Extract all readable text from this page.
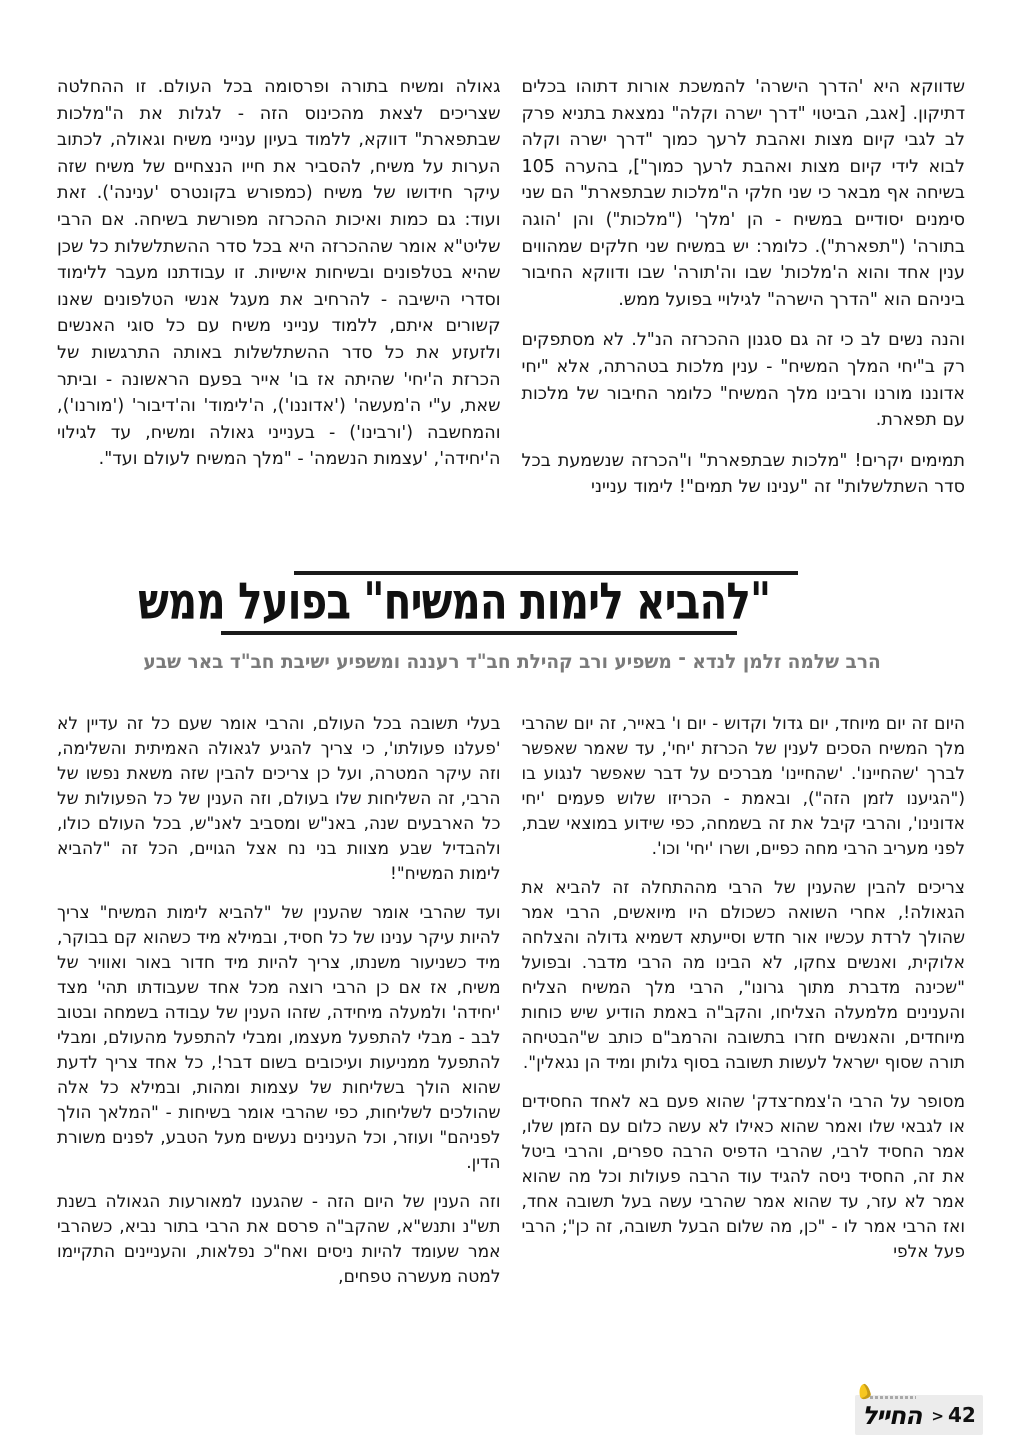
שדווקא היא 'הדרך הישרה' להמשכת אורות דתוהו בכלים דתיקון. [אגב, הביטוי "דרך ישרה וקלה" נמצאת בתניא פרק לב לגבי קיום מצות ואהבת לרעך כמוך "דרך ישרה וקלה לבוא לידי קיום מצות ואהבת לרעך כמוך"], בהערה 105 בשיחה אף מבאר כי שני חלקי ה"מלכות שבתפארת" הם שני סימנים יסודיים במשיח - הן 'מלך' ("מלכות") והן 'הוגה בתורה' ("תפארת"). כלומר: יש במשיח שני חלקים שמהווים ענין אחד והוא ה'מלכות' שבו וה'תורה' שבו ודווקא החיבור ביניהם הוא "הדרך הישרה" לגילויי בפועל ממש.

והנה נשים לב כי זה גם סגנון ההכרזה הנ"ל. לא מסתפקים רק ב"יחי המלך המשיח" - ענין מלכות בטהרתה, אלא "יחי אדוננו מורנו ורבינו מלך המשיח" כלומר החיבור של מלכות עם תפארת.

תמימים יקרים! "מלכות שבתפארת" ו"הכרזה שנשמעת בכל סדר השתלשלות" זה "ענינו של תמים"! לימוד ענייני

גאולה ומשיח בתורה ופרסומה בכל העולם. זו ההחלטה שצריכים לצאת מהכינוס הזה - לגלות את ה"מלכות שבתפארת" דווקא, ללמוד בעיון ענייני משיח וגאולה, לכתוב הערות על משיח, להסביר את חייו הנצחיים של משיח שזה עיקר חידושו של משיח (כמפורש בקונטרס 'ענינה'). זאת ועוד: גם כמות ואיכות ההכרזה מפורשת בשיחה. אם הרבי שליט"א אומר שההכרזה היא בכל סדר ההשתלשלות כל שכן שהיא בטלפונים ובשיחות אישיות. זו עבודתנו מעבר ללימוד וסדרי הישיבה - להרחיב את מעגל אנשי הטלפונים שאנו קשורים איתם, ללמוד ענייני משיח עם כל סוגי האנשים ולזעזע את כל סדר ההשתלשלות באותה התרגשות של הכרזת ה'יחי' שהיתה אז בו' אייר בפעם הראשונה - וביתר שאת, ע"י ה'מעשה' ('אדוננו'), ה'לימוד' וה'דיבור' ('מורנו'), והמחשבה ('ורבינו') - בענייני גאולה ומשיח, עד לגילוי ה'יחידה', 'עצמות הנשמה' - "מלך המשיח לעולם ועד".

"להביא לימות המשיח" בפועל ממש
הרב שלמה זלמן לנדא ־ משפיע ורב קהילת חב"ד רעננה ומשפיע ישיבת חב"ד באר שבע

היום זה יום מיוחד, יום גדול וקדוש - יום ו' באייר, זה יום שהרבי מלך המשיח הסכים לענין של הכרזת 'יחי', עד שאמר שאפשר לברך 'שהחיינו'. 'שהחיינו' מברכים על דבר שאפשר לנגוע בו ("הגיענו לזמן הזה"), ובאמת - הכריזו שלוש פעמים 'יחי אדונינו', והרבי קיבל את זה בשמחה, כפי שידוע במוצאי שבת, לפני מעריב הרבי מחה כפיים, ושרו 'יחי' וכו'.

צריכים להבין שהענין של הרבי מההתחלה זה להביא את הגאולה!, אחרי השואה כשכולם היו מיואשים, הרבי אמר שהולך לרדת עכשיו אור חדש וסייעתא דשמיא גדולה והצלחה אלוקית, ואנשים צחקו, לא הבינו מה הרבי מדבר. ובפועל "שכינה מדברת מתוך גרונו", הרבי מלך המשיח הצליח והענינים מלמעלה הצליחו, והקב"ה באמת הודיע שיש כוחות מיוחדים, והאנשים חזרו בתשובה והרמב"ם כותב ש"הבטיחה תורה שסוף ישראל לעשות תשובה בסוף גלותן ומיד הן נגאלין".

מסופר על הרבי ה'צמח־צדק' שהוא פעם בא לאחד החסידים או לגבאי שלו ואמר שהוא כאילו לא עשה כלום עם הזמן שלו, אמר החסיד לרבי, שהרבי הדפיס הרבה ספרים, והרבי ביטל את זה, החסיד ניסה להגיד עוד הרבה פעולות וכל מה שהוא אמר לא עזר, עד שהוא אמר שהרבי עשה בעל תשובה אחד, ואז הרבי אמר לו - "כן, מה שלום הבעל תשובה, זה כן"; הרבי פעל אלפי

בעלי תשובה בכל העולם, והרבי אומר שעם כל זה עדיין לא 'פעלנו פעולתו', כי צריך להגיע לגאולה האמיתית והשלימה, וזה עיקר המטרה, ועל כן צריכים להבין שזה משאת נפשו של הרבי, זה השליחות שלו בעולם, וזה הענין של כל הפעולות של כל הארבעים שנה, באנ"ש ומסביב לאנ"ש, בכל העולם כולו, ולהבדיל שבע מצוות בני נח אצל הגויים, הכל זה "להביא לימות המשיח"!

ועד שהרבי אומר שהענין של "להביא לימות המשיח" צריך להיות עיקר ענינו של כל חסיד, ובמילא מיד כשהוא קם בבוקר, מיד כשניעור משנתו, צריך להיות מיד חדור באור ואוויר של משיח, אז אם כן הרבי רוצה מכל אחד שעבודתו תהי' מצד 'יחידה' ולמעלה מיחידה, שזהו הענין של עבודה בשמחה ובטוב לבב - מבלי להתפעל מעצמו, ומבלי להתפעל מהעולם, ומבלי להתפעל ממניעות ועיכובים בשום דבר!, כל אחד צריך לדעת שהוא הולך בשליחות של עצמות ומהות, ובמילא כל אלה שהולכים לשליחות, כפי שהרבי אומר בשיחות - "המלאך הולך לפניהם" ועוזר, וכל הענינים נעשים מעל הטבע, לפנים משורת הדין.

וזה הענין של היום הזה - שהגענו למאורעות הגאולה בשנת תש"נ ותנש"א, שהקב"ה פרסם את הרבי בתור נביא, כשהרבי אמר שעומד להיות ניסים ואח"כ נפלאות, והעניינים התקיימו למטה מעשרה טפחים,

החייל > 42
